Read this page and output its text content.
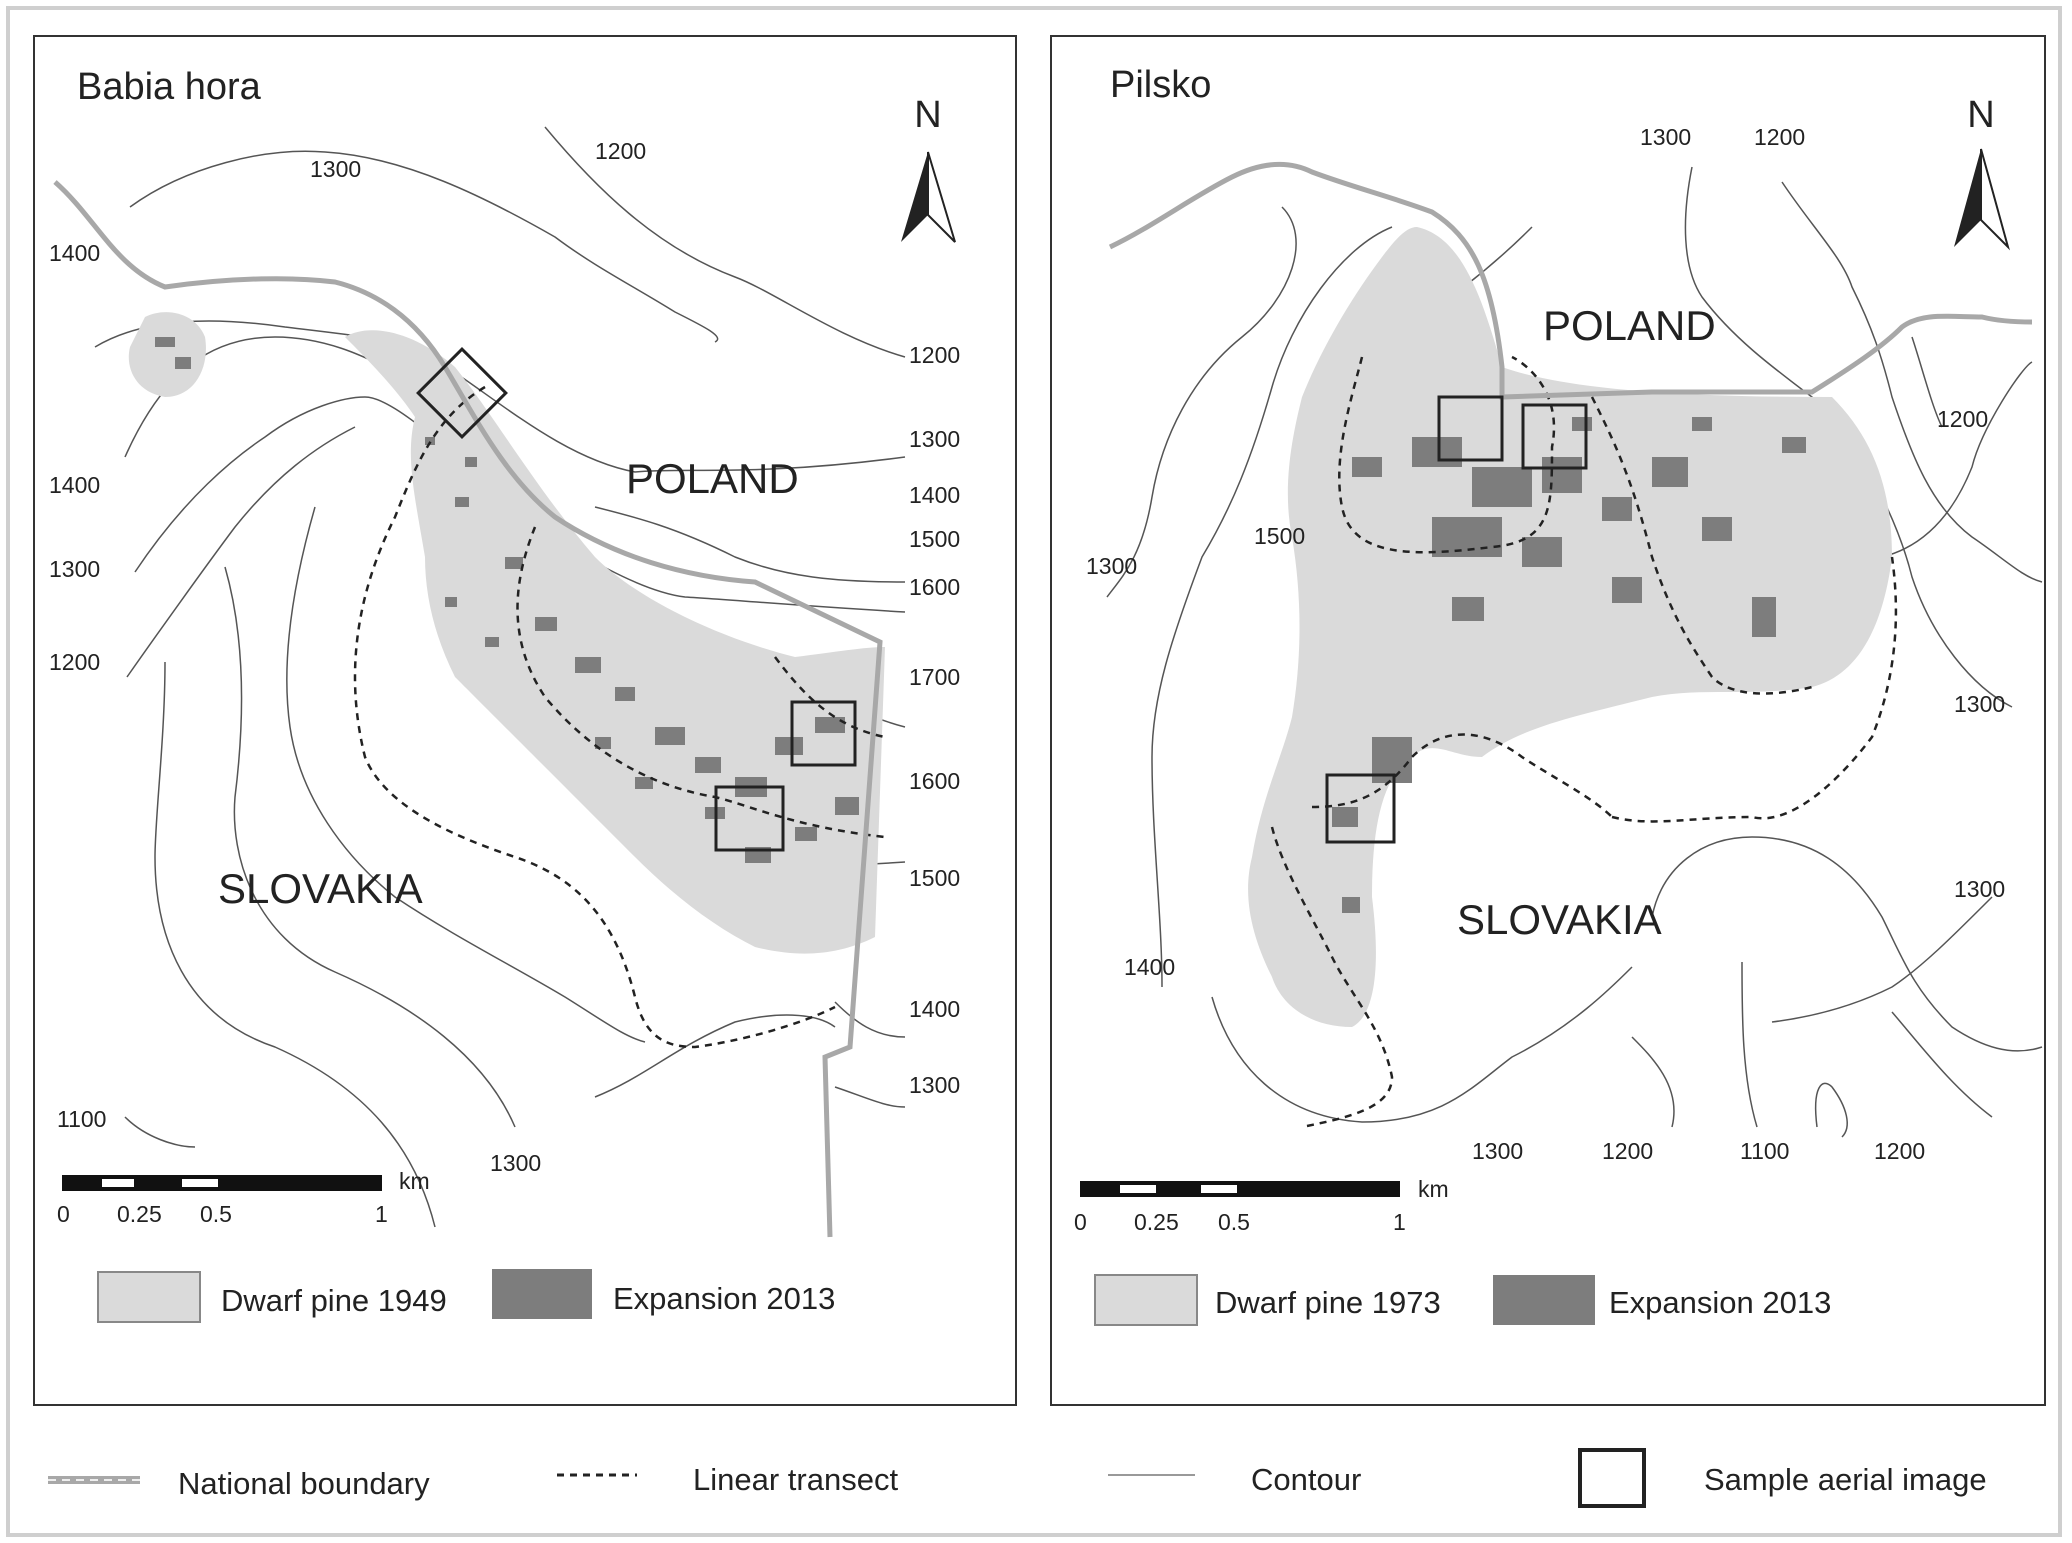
Babia hora
N
POLAND
SLOVAKIA
1300
1200
1400
1200
1300
1400	1400
1500
1300
1600
1200
1700
1600
1500
1400
1300
1100
1300
km
0 0.25 0.5	1
Dwarf pine 1949	Expansion 2013
Pilsko
N
POLAND
SLOVAKIA
1300	1200
1200
1300
1500
1300
1300
1400
1300	1200	1100	1200
km
0 0.25 0.5	1
Dwarf pine 1973	Expansion 2013
National boundary	Linear transect	Contour	Sample aerial image
